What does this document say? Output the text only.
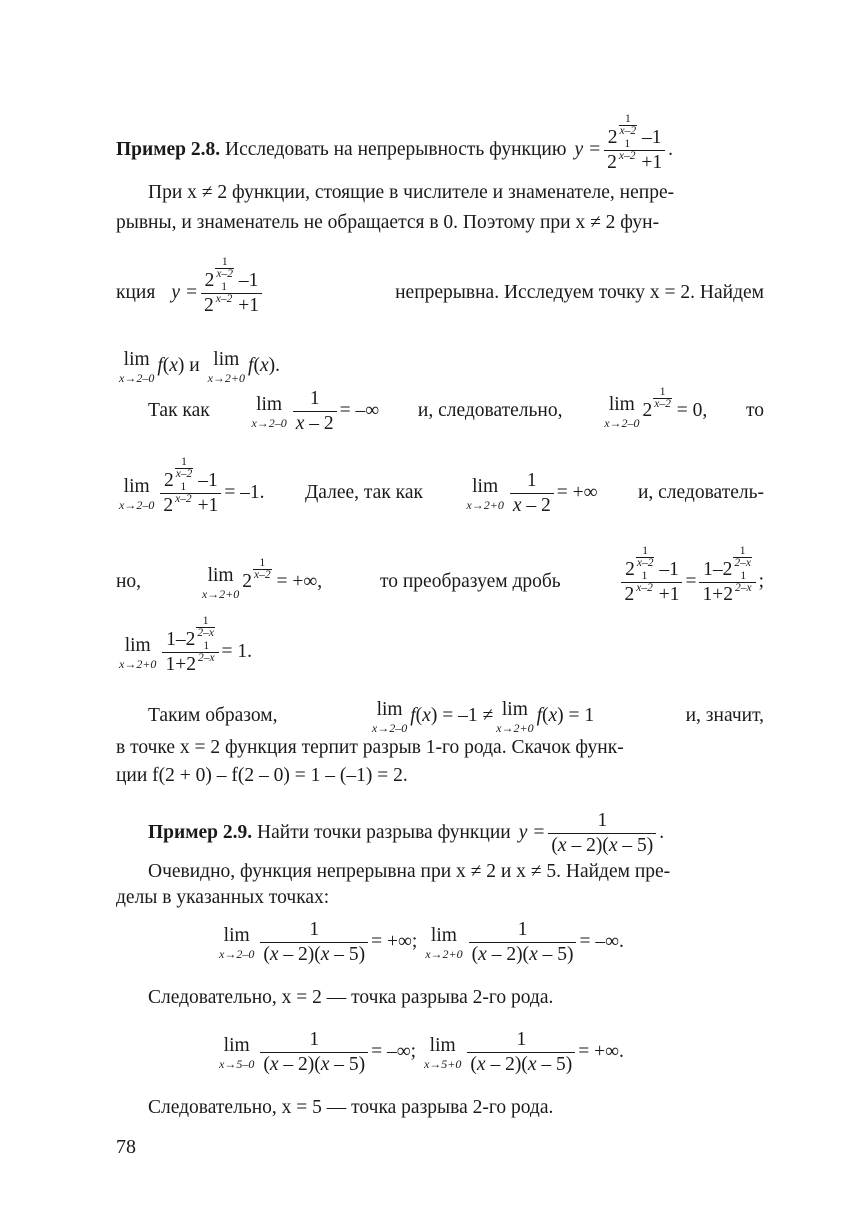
Пример 2.8.
Исследовать на непрерывность функцию y =
2
$\frac{1}{x-2}$
–1
2
$\frac{1}{x-2}$
+1
.
При x ≠ 2 функции, стоящие в числителе и знаменателе, непре-
рывны, и знаменатель не обращается в 0. Поэтому при x ≠ 2 фун-
кция y =
2
$\frac{1}{x-2}$
–1
2
$\frac{1}{x-2}$
+1
непрерывна. Исследуем точку x = 2. Найдем
lim
x→2–0
f ( x ) и
lim
x→2+0
f ( x ).
Так как lim
x→2–0
1
x – 2
= –∞ и, следовательно, lim
x→2–0
2
$\frac{1}{x-2}$
= 0, то
lim
x→2–0
2
$\frac{1}{x-2}$
–1
2
$\frac{1}{x-2}$
+1
= –1. Далее, так как	lim
x→2+0
1
x – 2
= +∞ и, следователь-
но,	lim
x→2+0
2
$\frac{1}{x-2}$
= +∞,	то преобразуем дробь
2
$\frac{1}{x-2}$
–1
2
$\frac{1}{x-2}$
+1
=
1– 2
$\frac{1}{2-x}$
1+ 2
$\frac{1}{2-x}$ ;
lim
x→2+0
1– 2
$\frac{1}{2-x}$
1+ 2
$\frac{1}{2-x} = 1$.
Таким образом,	lim
x→2–0
f ( x ) = –1 ≠ lim
x→2+0
f ( x ) = 1	и, значит,
в точке x = 2 функция терпит разрыв 1-го рода. Скачок функ-
ции f(2 + 0) – f(2 – 0) = 1 – (–1) = 2.
Пример 2.9.
Найти точки разрыва функции y =
1
( x – 2)( x – 5)
.
Очевидно, функция непрерывна при x ≠ 2 и x ≠ 5. Найдем пре-
делы в указанных точках:
lim
x→2–0
1
( x – 2)( x – 5)
= +∞; lim
x→2+0
1
( x – 2)( x – 5)
= –∞.
Следовательно, x = 2 — точка разрыва 2-го рода.
lim
x→5–0
1
( x – 2)( x – 5)
= –∞; lim
x→5+0
1
( x – 2)( x – 5)
= +∞.
Следовательно, x = 5 — точка разрыва 2-го рода.
78
